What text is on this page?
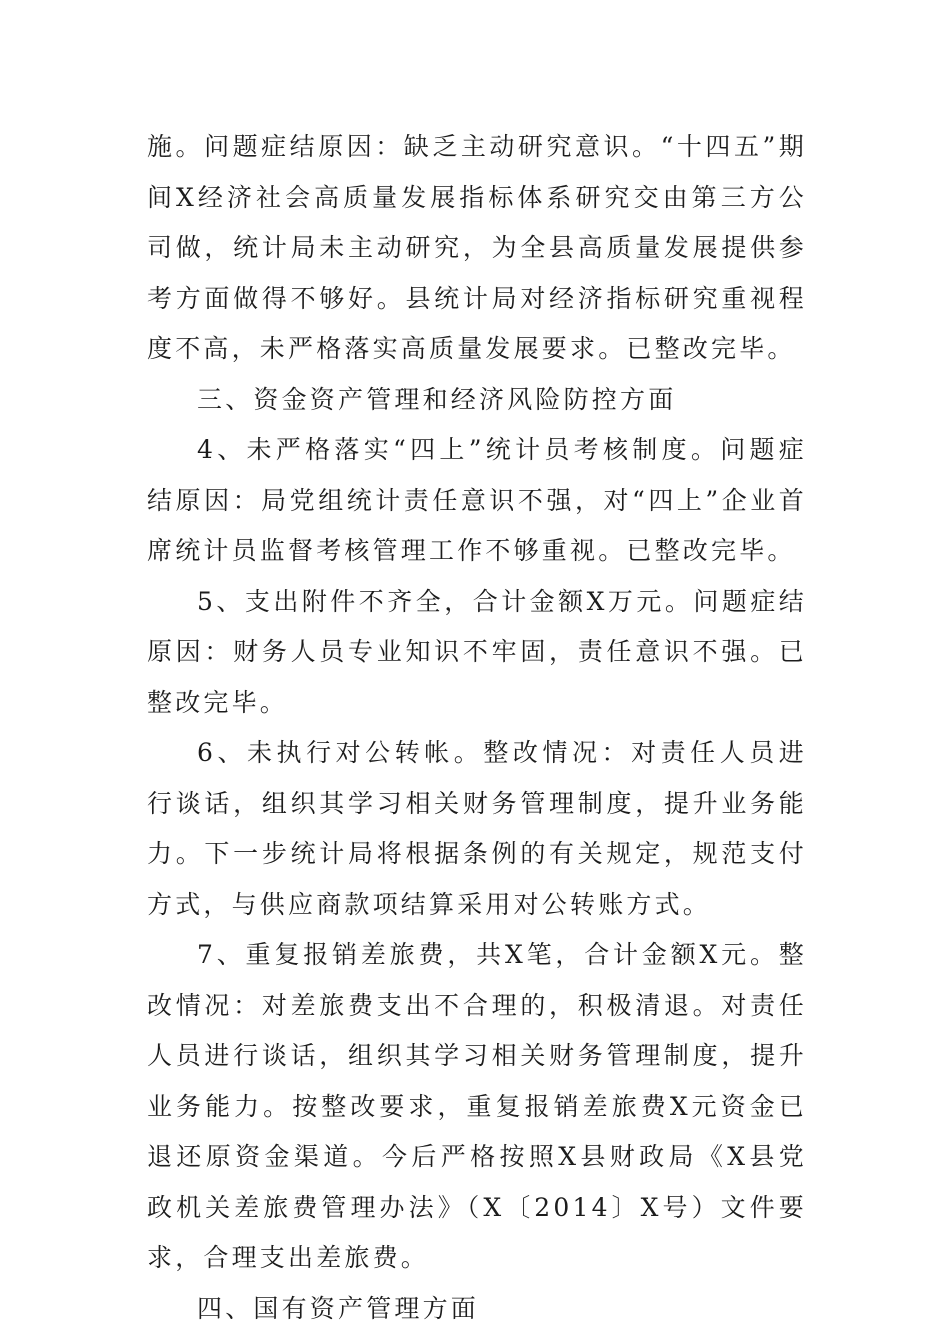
施。问题症结原因：缺乏主动研究意识。“十四五”期间X经济社会高质量发展指标体系研究交由第三方公司做，统计局未主动研究，为全县高质量发展提供参考方面做得不够好。县统计局对经济指标研究重视程度不高，未严格落实高质量发展要求。已整改完毕。

三、资金资产管理和经济风险防控方面

4、未严格落实“四上”统计员考核制度。问题症结原因：局党组统计责任意识不强，对“四上”企业首席统计员监督考核管理工作不够重视。已整改完毕。

5、支出附件不齐全，合计金额X万元。问题症结原因：财务人员专业知识不牢固，责任意识不强。已整改完毕。

6、未执行对公转帐。整改情况：对责任人员进行谈话，组织其学习相关财务管理制度，提升业务能力。下一步统计局将根据条例的有关规定，规范支付方式，与供应商款项结算采用对公转账方式。

7、重复报销差旅费，共X笔，合计金额X元。整改情况：对差旅费支出不合理的，积极清退。对责任人员进行谈话，组织其学习相关财务管理制度，提升业务能力。按整改要求，重复报销差旅费X元资金已退还原资金渠道。今后严格按照X县财政局《X县党政机关差旅费管理办法》（X〔2014〕X号）文件要求，合理支出差旅费。

四、国有资产管理方面
